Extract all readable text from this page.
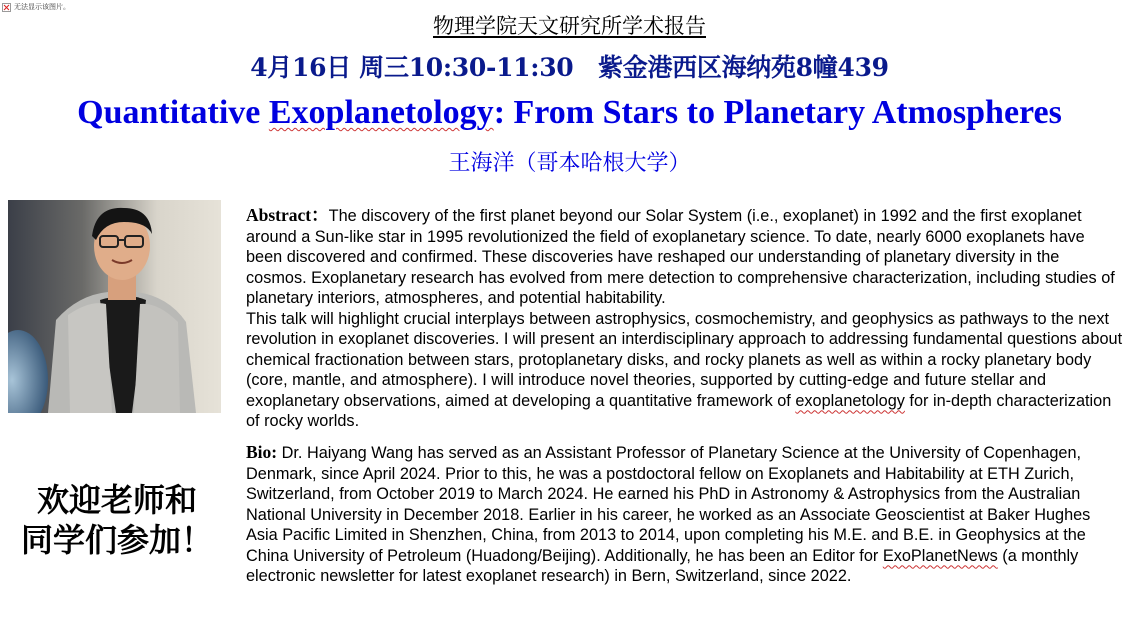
无法显示该图片。
物理学院天文研究所学术报告
4月16日 周三10:30-11:30　紫金港西区海纳苑8幢439
Quantitative Exoplanetology: From Stars to Planetary Atmospheres
王海洋（哥本哈根大学）
欢迎老师和
同学们参加！

Abstract：The discovery of the first planet beyond our Solar System (i.e., exoplanet) in 1992 and the first exoplanet around a Sun-like star in 1995 revolutionized the field of exoplanetary science. To date, nearly 6000 exoplanets have been discovered and confirmed. These discoveries have reshaped our understanding of planetary diversity in the cosmos. Exoplanetary research has evolved from mere detection to comprehensive characterization, including studies of planetary interiors, atmospheres, and potential habitability.

This talk will highlight crucial interplays between astrophysics, cosmochemistry, and geophysics as pathways to the next revolution in exoplanet discoveries. I will present an interdisciplinary approach to addressing fundamental questions about chemical fractionation between stars, protoplanetary disks, and rocky planets as well as within a rocky planetary body (core, mantle, and atmosphere). I will introduce novel theories, supported by cutting-edge and future stellar and exoplanetary observations, aimed at developing a quantitative framework of exoplanetology for in-depth characterization of rocky worlds.

Bio: Dr. Haiyang Wang has served as an Assistant Professor of Planetary Science at the University of Copenhagen, Denmark, since April 2024. Prior to this, he was a postdoctoral fellow on Exoplanets and Habitability at ETH Zurich, Switzerland, from October 2019 to March 2024. He earned his PhD in Astronomy & Astrophysics from the Australian National University in December 2018. Earlier in his career, he worked as an Associate Geoscientist at Baker Hughes Asia Pacific Limited in Shenzhen, China, from 2013 to 2014, upon completing his M.E. and B.E. in Geophysics at the China University of Petroleum (Huadong/Beijing). Additionally, he has been an Editor for ExoPlanetNews (a monthly electronic newsletter for latest exoplanet research) in Bern, Switzerland, since 2022.
